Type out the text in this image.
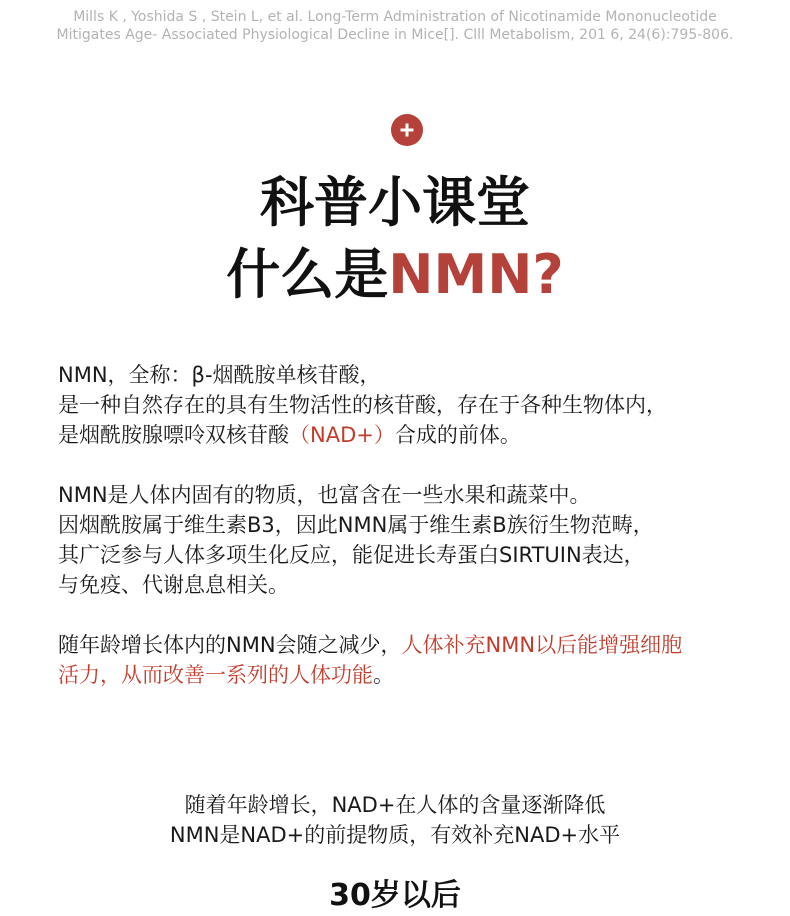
Mills K , Yoshida S , Stein L, et al. Long-Term Administration of Nicotinamide Mononucleotide
Mitigates Age- Associated Physiological Decline in Mice[]. Clll Metabolism, 201 6, 24(6):795-806.
科普小课堂
什么是NMN?

NMN，全称：β-烟酰胺单核苷酸，

是一种自然存在的具有生物活性的核苷酸，存在于各种生物体内，

是烟酰胺腺嘌呤双核苷酸（NAD+）合成的前体。

NMN是人体内固有的物质，也富含在一些水果和蔬菜中。

因烟酰胺属于维生素B3，因此NMN属于维生素B族衍生物范畴，

其广泛参与人体多项生化反应，能促进长寿蛋白SIRTUIN表达，

与免疫、代谢息息相关。

随年龄增长体内的NMN会随之减少，人体补充NMN以后能增强细胞

活力，从而改善一系列的人体功能。

随着年龄增长，NAD+在人体的含量逐渐降低

NMN是NAD+的前提物质，有效补充NAD+水平

30岁以后
